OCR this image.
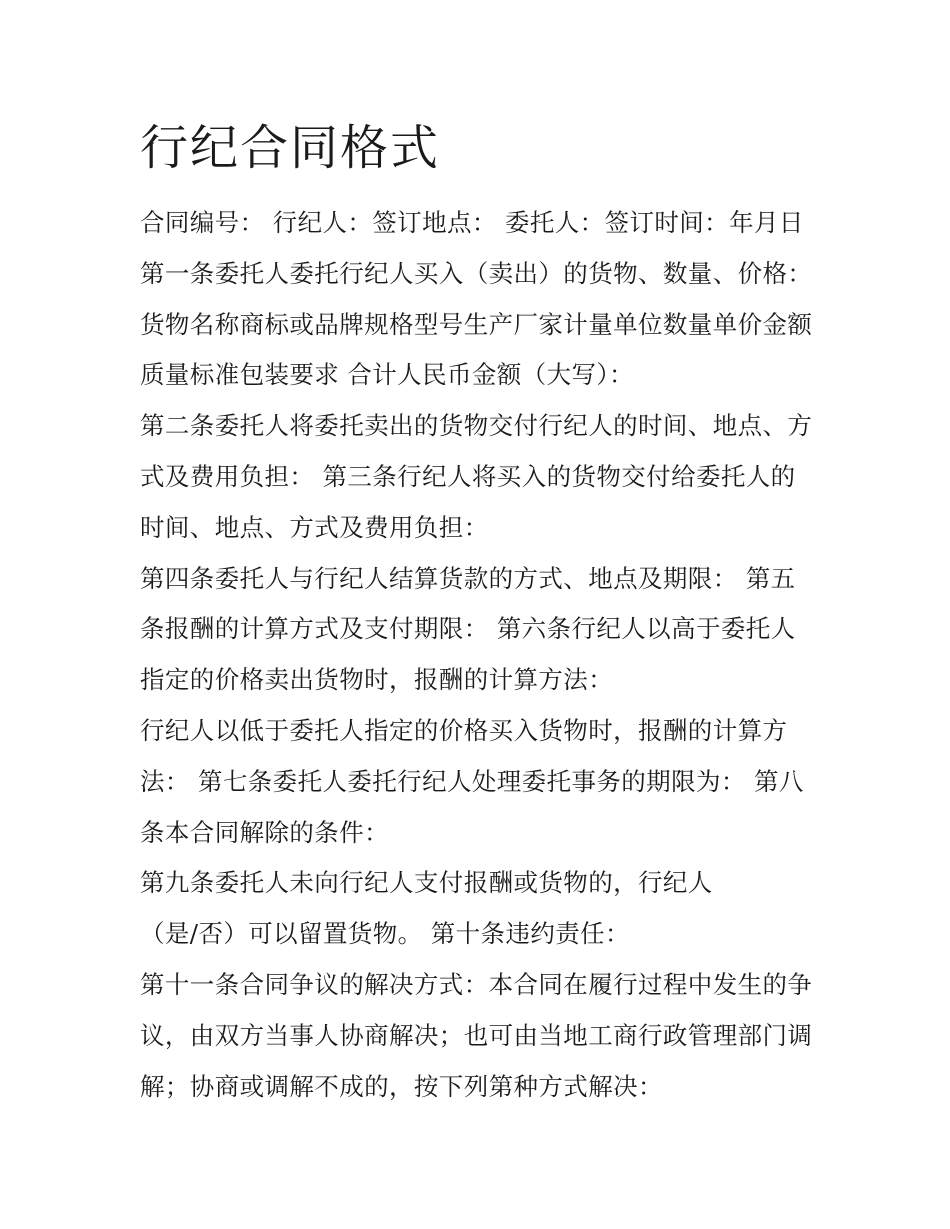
行纪合同格式
合同编号： 行纪人：签订地点： 委托人：签订时间：年月日
第一条委托人委托行纪人买入（卖出）的货物、数量、价格：
货物名称商标或品牌规格型号生产厂家计量单位数量单价金额
质量标准包装要求 合计人民币金额（大写）：
第二条委托人将委托卖出的货物交付行纪人的时间、地点、方
式及费用负担： 第三条行纪人将买入的货物交付给委托人的
时间、地点、方式及费用负担：
第四条委托人与行纪人结算货款的方式、地点及期限： 第五
条报酬的计算方式及支付期限： 第六条行纪人以高于委托人
指定的价格卖出货物时，报酬的计算方法：
行纪人以低于委托人指定的价格买入货物时，报酬的计算方
法： 第七条委托人委托行纪人处理委托事务的期限为： 第八
条本合同解除的条件：
第九条委托人未向行纪人支付报酬或货物的，行纪人
（是/否）可以留置货物。 第十条违约责任：
第十一条合同争议的解决方式：本合同在履行过程中发生的争
议，由双方当事人协商解决；也可由当地工商行政管理部门调
解；协商或调解不成的，按下列第种方式解决：
